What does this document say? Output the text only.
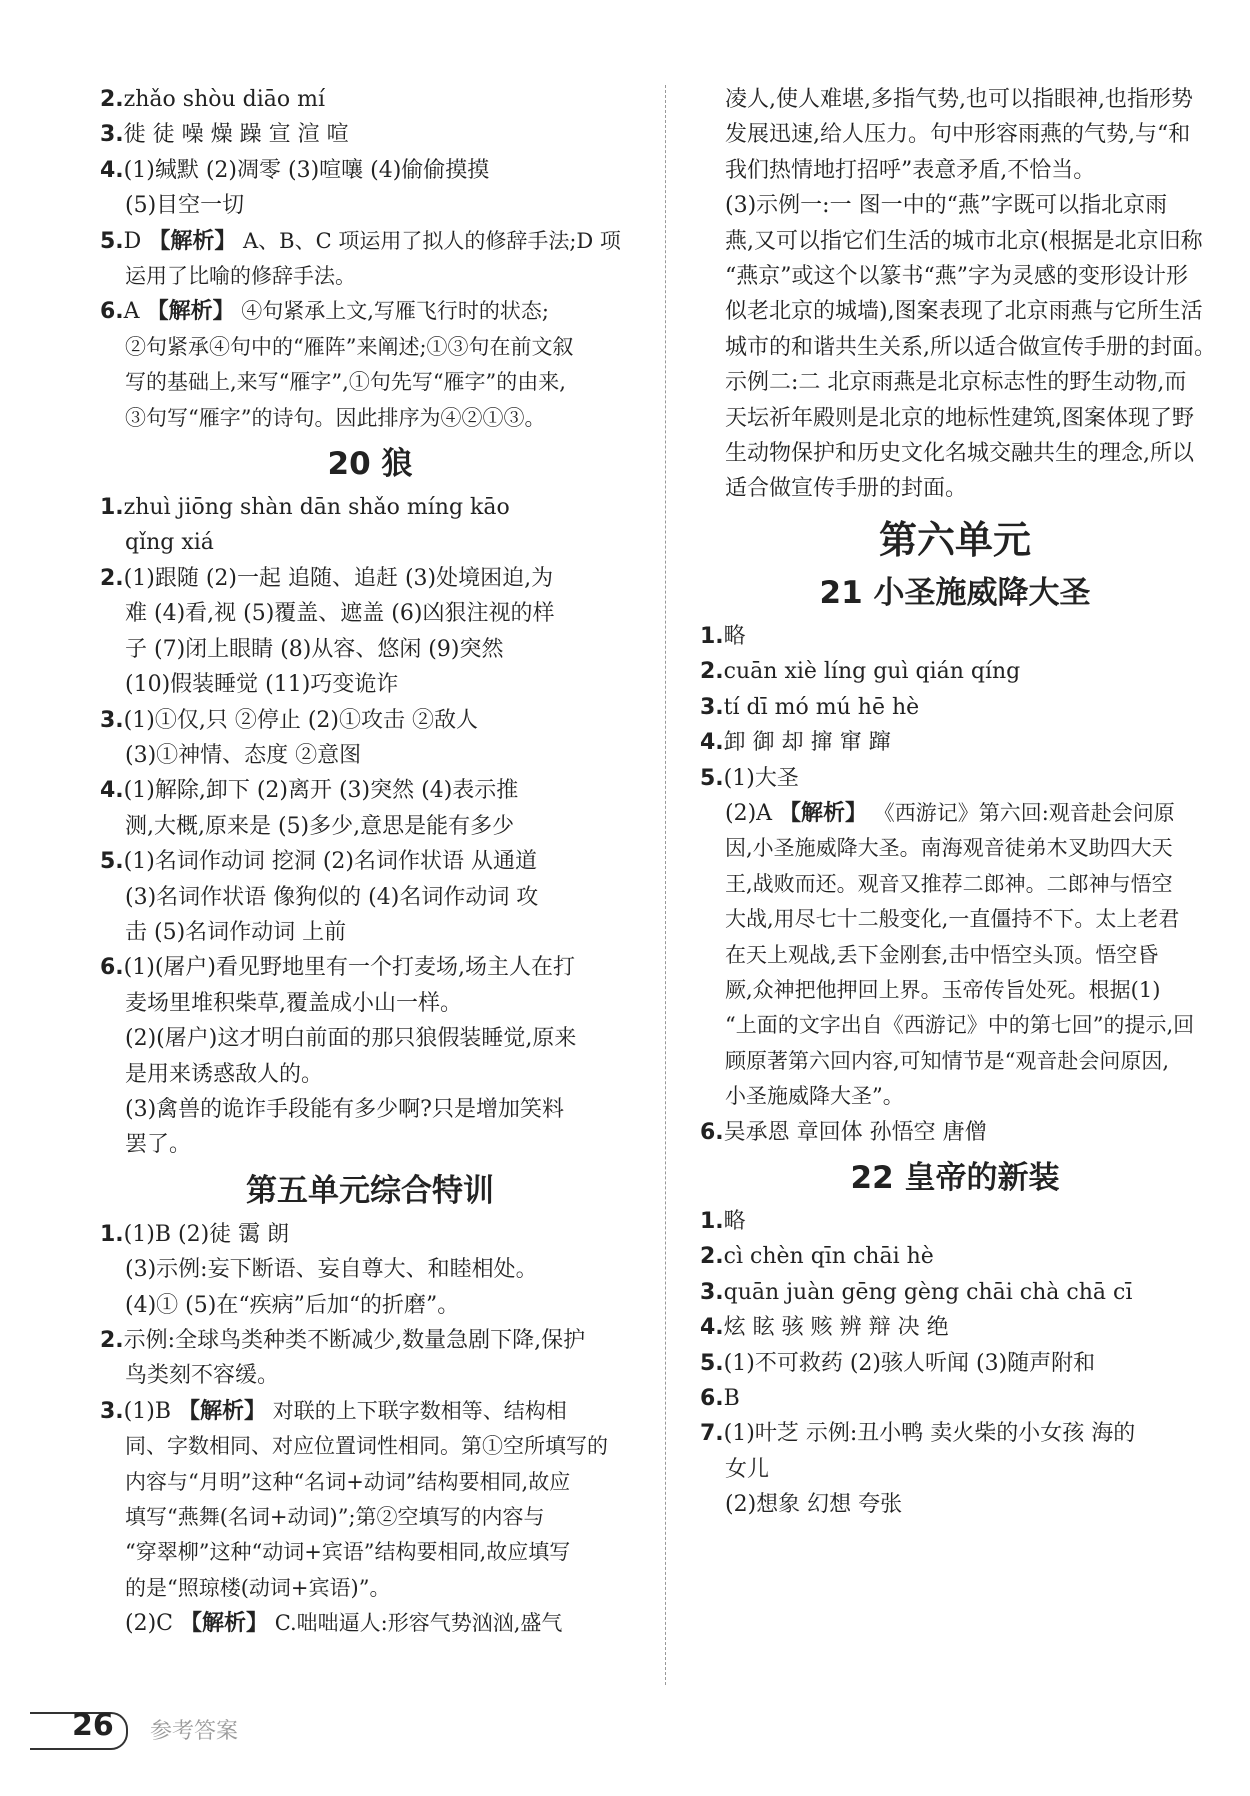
2.zhǎo shòu diāo mí
3.徙 徒 噪 燥 躁 宣 渲 喧
4.(1)缄默 (2)凋零 (3)喧嚷 (4)偷偷摸摸
(5)目空一切
5.D 【解析】 A、B、C 项运用了拟人的修辞手法;D 项
运用了比喻的修辞手法。
6.A 【解析】 ④句紧承上文,写雁飞行时的状态;
②句紧承④句中的“雁阵”来阐述;①③句在前文叙
写的基础上,来写“雁字”,①句先写“雁字”的由来,
③句写“雁字”的诗句。因此排序为④②①③。
20 狼
1.zhuì jiōng shàn dān shǎo míng kāo
qǐng xiá
2.(1)跟随 (2)一起 追随、追赶 (3)处境困迫,为
难 (4)看,视 (5)覆盖、遮盖 (6)凶狠注视的样
子 (7)闭上眼睛 (8)从容、悠闲 (9)突然
(10)假装睡觉 (11)巧变诡诈
3.(1)①仅,只 ②停止 (2)①攻击 ②敌人
(3)①神情、态度 ②意图
4.(1)解除,卸下 (2)离开 (3)突然 (4)表示推
测,大概,原来是 (5)多少,意思是能有多少
5.(1)名词作动词 挖洞 (2)名词作状语 从通道
(3)名词作状语 像狗似的 (4)名词作动词 攻
击 (5)名词作动词 上前
6.(1)(屠户)看见野地里有一个打麦场,场主人在打
麦场里堆积柴草,覆盖成小山一样。
(2)(屠户)这才明白前面的那只狼假装睡觉,原来
是用来诱惑敌人的。
(3)禽兽的诡诈手段能有多少啊?只是增加笑料
罢了。
第五单元综合特训
1.(1)B (2)徒 霭 朗
(3)示例:妄下断语、妄自尊大、和睦相处。
(4)① (5)在“疾病”后加“的折磨”。
2.示例:全球鸟类种类不断减少,数量急剧下降,保护
鸟类刻不容缓。
3.(1)B 【解析】 对联的上下联字数相等、结构相
同、字数相同、对应位置词性相同。第①空所填写的
内容与“月明”这种“名词+动词”结构要相同,故应
填写“燕舞(名词+动词)”;第②空填写的内容与
“穿翠柳”这种“动词+宾语”结构要相同,故应填写
的是“照琼楼(动词+宾语)”。
(2)C 【解析】 C.咄咄逼人:形容气势汹汹,盛气
凌人,使人难堪,多指气势,也可以指眼神,也指形势
发展迅速,给人压力。句中形容雨燕的气势,与“和
我们热情地打招呼”表意矛盾,不恰当。
(3)示例一:一 图一中的“燕”字既可以指北京雨
燕,又可以指它们生活的城市北京(根据是北京旧称
“燕京”或这个以篆书“燕”字为灵感的变形设计形
似老北京的城墙),图案表现了北京雨燕与它所生活
城市的和谐共生关系,所以适合做宣传手册的封面。
示例二:二 北京雨燕是北京标志性的野生动物,而
天坛祈年殿则是北京的地标性建筑,图案体现了野
生动物保护和历史文化名城交融共生的理念,所以
适合做宣传手册的封面。
第六单元
21 小圣施威降大圣
1.略
2.cuān xiè líng guì qián qíng
3.tí dī mó mú hē hè
4.卸 御 却 撺 窜 蹿
5.(1)大圣
(2)A 【解析】 《西游记》第六回:观音赴会问原
因,小圣施威降大圣。南海观音徒弟木叉助四大天
王,战败而还。观音又推荐二郎神。二郎神与悟空
大战,用尽七十二般变化,一直僵持不下。太上老君
在天上观战,丢下金刚套,击中悟空头顶。悟空昏
厥,众神把他押回上界。玉帝传旨处死。根据(1)
“上面的文字出自《西游记》中的第七回”的提示,回
顾原著第六回内容,可知情节是“观音赴会问原因,
小圣施威降大圣”。
6.吴承恩 章回体 孙悟空 唐僧
22 皇帝的新装
1.略
2.cì chèn qīn chāi hè
3.quān juàn gēng gèng chāi chà chā cī
4.炫 眩 骇 赅 辨 辩 决 绝
5.(1)不可救药 (2)骇人听闻 (3)随声附和
6.B
7.(1)叶芝 示例:丑小鸭 卖火柴的小女孩 海的
女儿
(2)想象 幻想 夸张
26 参考答案
